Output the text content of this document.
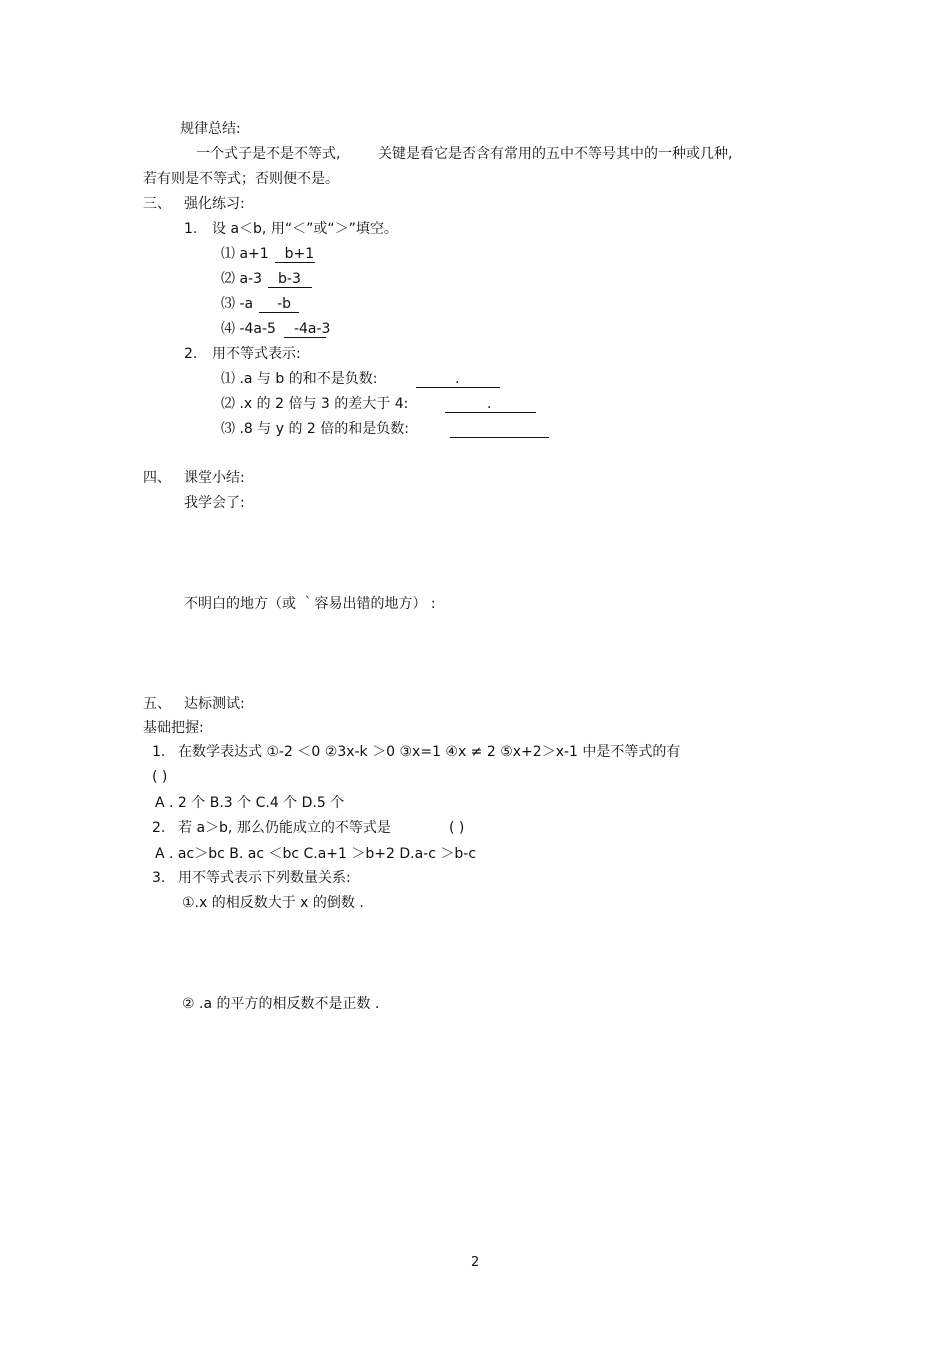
规律总结:
一个式子是不是不等式,	关键是看它是否含有常用的五中不等号其中的一种或几种,
若有则是不等式；否则便不是。
三、 强化练习:
1. 设 a＜b, 用“＜”或“＞”填空。
⑴ a+1 b+1
⑵ a-3 b-3
⑶ -a -b
⑷ -4a-5 -4a-3
2. 用不等式表示:
⑴ .a 与 b 的和不是负数:	.
⑵ .x 的 2 倍与 3 的差大于 4:	.
⑶ .8 与 y 的 2 倍的和是负数:
四、 课堂小结:
我学会了:
不明白的地方（或 ｀容易出错的地方） :
五、 达标测试:
基础把握:
1. 在数学表达式 ①-2 ＜0 ②3x-k ＞0 ③x=1 ④x ≠ 2 ⑤x+2＞x-1 中是不等式的有
( )
A . 2 个 B.3 个 C.4 个 D.5 个
2. 若 a＞b, 那么仍能成立的不等式是	( )
A . ac＞bc B. ac ＜bc C.a+1 ＞b+2 D.a-c ＞b-c
3. 用不等式表示下列数量关系:
①.x 的相反数大于 x 的倒数 .
② .a 的平方的相反数不是正数 .
2
